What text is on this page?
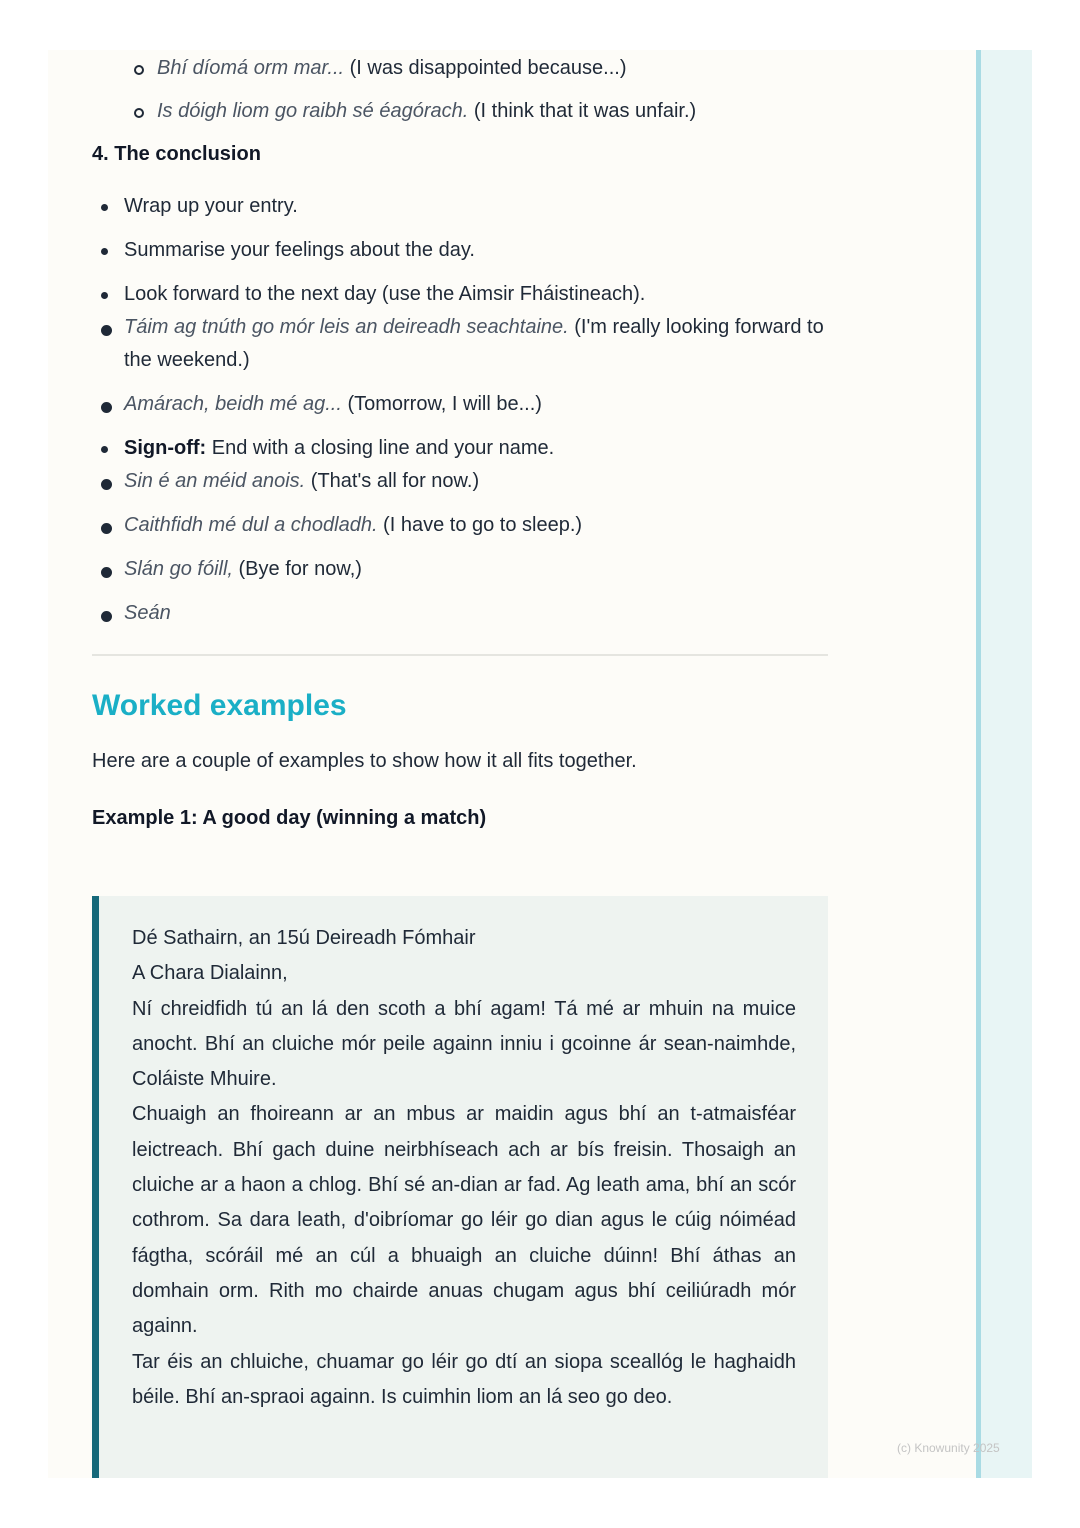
Bhí díomá orm mar... (I was disappointed because...)
Is dóigh liom go raibh sé éagórach. (I think that it was unfair.)
4. The conclusion
Wrap up your entry.
Summarise your feelings about the day.
Look forward to the next day (use the Aimsir Fháistineach).
Táim ag tnúth go mór leis an deireadh seachtaine. (I'm really looking forward to the weekend.)
Amárach, beidh mé ag... (Tomorrow, I will be...)
Sign-off: End with a closing line and your name.
Sin é an méid anois. (That's all for now.)
Caithfidh mé dul a chodladh. (I have to go to sleep.)
Slán go fóill, (Bye for now,)
Seán
Worked examples

Here are a couple of examples to show how it all fits together.

Example 1: A good day (winning a match)
Dé Sathairn, an 15ú Deireadh Fómhair
A Chara Dialainn,
Ní chreidfidh tú an lá den scoth a bhí agam! Tá mé ar mhuin na muice anocht. Bhí an cluiche mór peile againn inniu i gcoinne ár sean-naimhde, Coláiste Mhuire.
Chuaigh an fhoireann ar an mbus ar maidin agus bhí an t-atmaisféar leictreach. Bhí gach duine neirbhíseach ach ar bís freisin. Thosaigh an cluiche ar a haon a chlog. Bhí sé an-dian ar fad. Ag leath ama, bhí an scór cothrom. Sa dara leath, d'oibríomar go léir go dian agus le cúig nóiméad fágtha, scóráil mé an cúl a bhuaigh an cluiche dúinn! Bhí áthas an domhain orm. Rith mo chairde anuas chugam agus bhí ceiliúradh mór againn.
Tar éis an chluiche, chuamar go léir go dtí an siopa sceallóg le haghaidh béile. Bhí an-spraoi againn. Is cuimhin liom an lá seo go deo.
(c) Knowunity 2025
